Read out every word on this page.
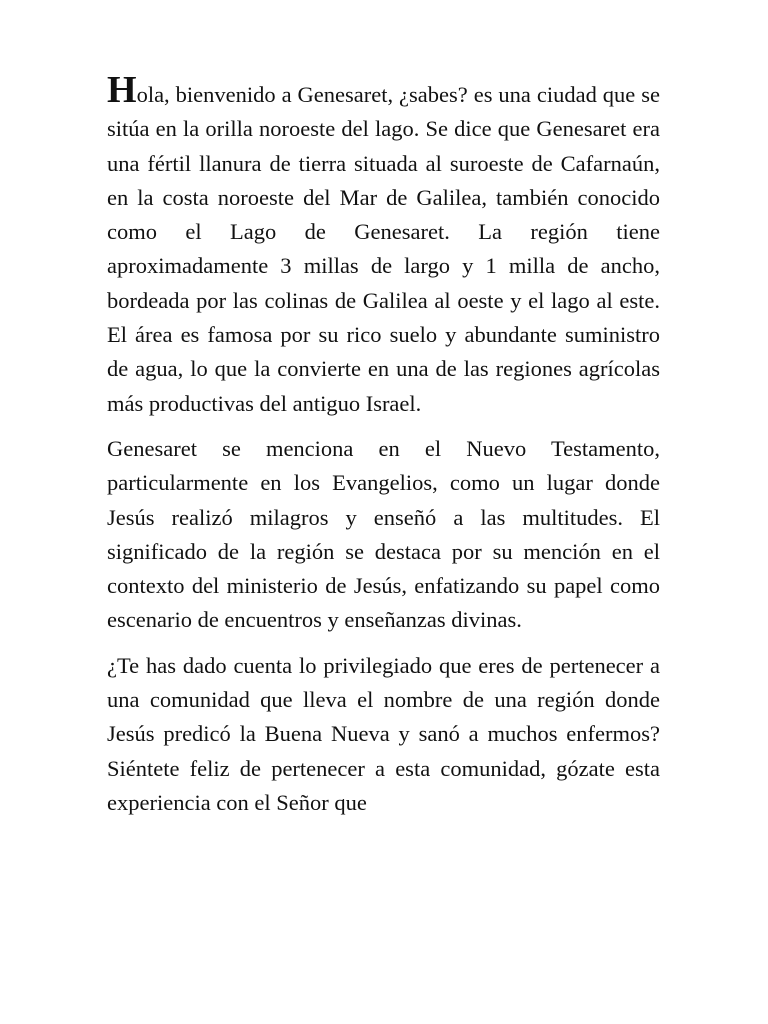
Hola, bienvenido a Genesaret, ¿sabes? es una ciudad que se sitúa en la orilla noroeste del lago. Se dice que Genesaret era una fértil llanura de tierra situada al suroeste de Cafarnaún, en la costa noroeste del Mar de Galilea, también conocido como el Lago de Genesaret. La región tiene aproximadamente 3 millas de largo y 1 milla de ancho, bordeada por las colinas de Galilea al oeste y el lago al este. El área es famosa por su rico suelo y abundante suministro de agua, lo que la convierte en una de las regiones agrícolas más productivas del antiguo Israel.

Genesaret se menciona en el Nuevo Testamento, particularmente en los Evangelios, como un lugar donde Jesús realizó milagros y enseñó a las multitudes. El significado de la región se destaca por su mención en el contexto del ministerio de Jesús, enfatizando su papel como escenario de encuentros y enseñanzas divinas.

¿Te has dado cuenta lo privilegiado que eres de pertenecer a una comunidad que lleva el nombre de una región donde Jesús predicó la Buena Nueva y sanó a muchos enfermos? Siéntete feliz de pertenecer a esta comunidad, gózate esta experiencia con el Señor que
